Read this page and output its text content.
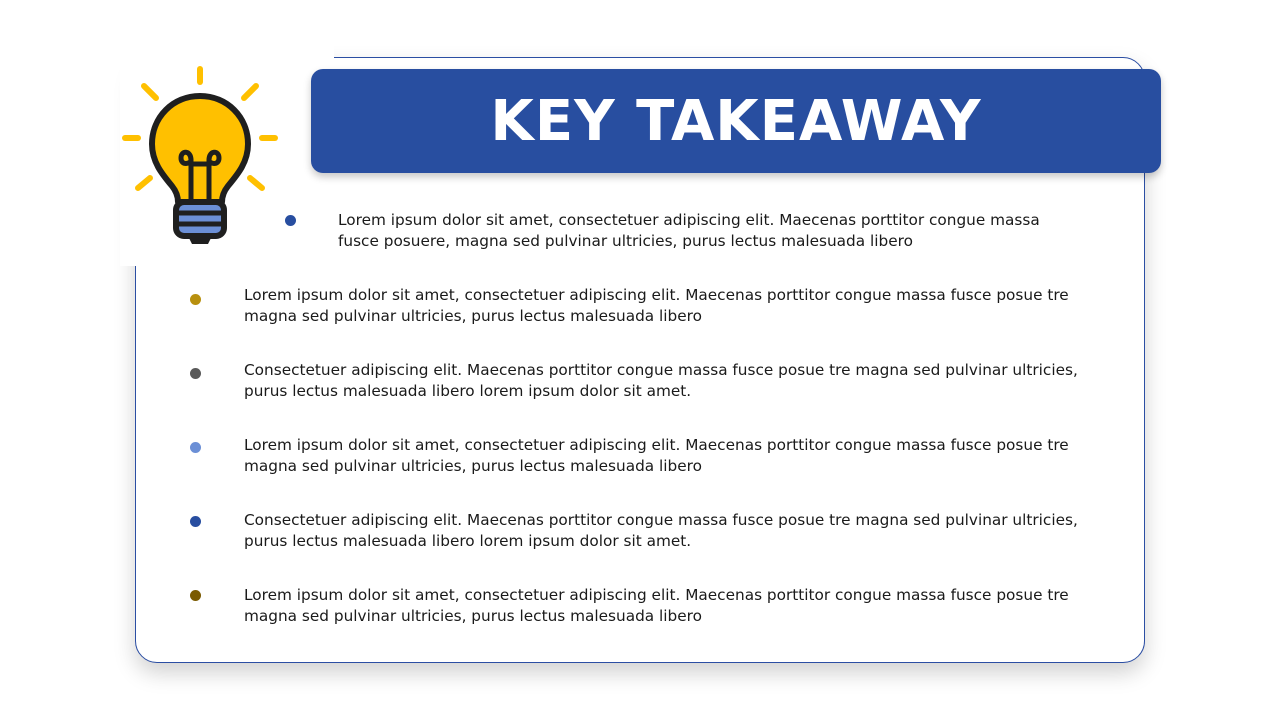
KEY TAKEAWAY
Lorem ipsum dolor sit amet, consectetuer adipiscing elit. Maecenas porttitor congue massa fusce posuere, magna sed pulvinar ultricies, purus lectus malesuada libero
Lorem ipsum dolor sit amet, consectetuer adipiscing elit. Maecenas porttitor congue massa fusce posue tre magna sed pulvinar ultricies, purus lectus malesuada libero
Consectetuer adipiscing elit. Maecenas porttitor congue massa fusce posue tre magna sed pulvinar ultricies, purus lectus malesuada libero lorem ipsum dolor sit amet.
Lorem ipsum dolor sit amet, consectetuer adipiscing elit. Maecenas porttitor congue massa fusce posue tre magna sed pulvinar ultricies, purus lectus malesuada libero
Consectetuer adipiscing elit. Maecenas porttitor congue massa fusce posue tre magna sed pulvinar ultricies, purus lectus malesuada libero lorem ipsum dolor sit amet.
Lorem ipsum dolor sit amet, consectetuer adipiscing elit. Maecenas porttitor congue massa fusce posue tre magna sed pulvinar ultricies, purus lectus malesuada libero
